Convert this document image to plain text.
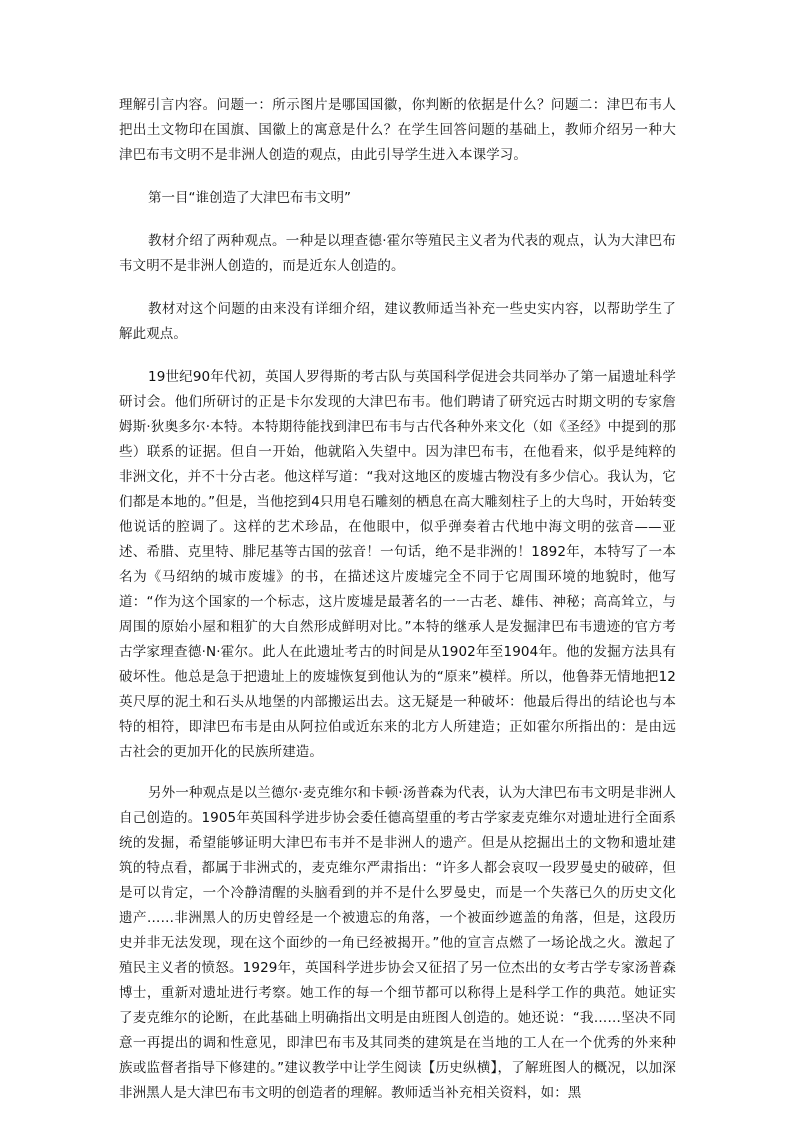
理解引言内容。问题一：所示图片是哪国国徽，你判断的依据是什么？问题二：津巴布韦人把出土文物印在国旗、国徽上的寓意是什么？在学生回答问题的基础上，教师介绍另一种大津巴布韦文明不是非洲人创造的观点，由此引导学生进入本课学习。

第一目“谁创造了大津巴布韦文明”

教材介绍了两种观点。一种是以理查德·霍尔等殖民主义者为代表的观点，认为大津巴布韦文明不是非洲人创造的，而是近东人创造的。

教材对这个问题的由来没有详细介绍，建议教师适当补充一些史实内容，以帮助学生了解此观点。

19世纪90年代初，英国人罗得斯的考古队与英国科学促进会共同举办了第一届遗址科学研讨会。他们所研讨的正是卡尔发现的大津巴布韦。他们聘请了研究远古时期文明的专家詹姆斯·狄奥多尔·本特。本特期待能找到津巴布韦与古代各种外来文化（如《圣经》中提到的那些）联系的证据。但自一开始，他就陷入失望中。因为津巴布韦，在他看来，似乎是纯粹的非洲文化，并不十分古老。他这样写道：“我对这地区的废墟古物没有多少信心。我认为，它们都是本地的。”但是，当他挖到4只用皂石雕刻的栖息在高大雕刻柱子上的大鸟时，开始转变他说话的腔调了。这样的艺术珍品，在他眼中，似乎弹奏着古代地中海文明的弦音——亚述、希腊、克里特、腓尼基等古国的弦音！一句话，绝不是非洲的！1892年，本特写了一本名为《马绍纳的城市废墟》的书，在描述这片废墟完全不同于它周围环境的地貌时，他写道：“作为这个国家的一个标志，这片废墟是最著名的一一古老、雄伟、神秘；高高耸立，与周围的原始小屋和粗犷的大自然形成鲜明对比。”本特的继承人是发掘津巴布韦遗迹的官方考古学家理查德·N·霍尔。此人在此遗址考古的时间是从1902年至1904年。他的发掘方法具有破坏性。他总是急于把遗址上的废墟恢复到他认为的“原来”模样。所以，他鲁莽无情地把12英尺厚的泥土和石头从地堡的内部搬运出去。这无疑是一种破坏：他最后得出的结论也与本特的相符，即津巴布韦是由从阿拉伯或近东来的北方人所建造；正如霍尔所指出的：是由远古社会的更加开化的民族所建造。

另外一种观点是以兰德尔·麦克维尔和卡顿·汤普森为代表，认为大津巴布韦文明是非洲人自己创造的。1905年英国科学进步协会委任德高望重的考古学家麦克维尔对遗址进行全面系统的发掘，希望能够证明大津巴布韦并不是非洲人的遗产。但是从挖掘出土的文物和遗址建筑的特点看，都属于非洲式的，麦克维尔严肃指出：“许多人都会哀叹一段罗曼史的破碎，但是可以肯定，一个冷静清醒的头脑看到的并不是什么罗曼史，而是一个失落已久的历史文化遗产……非洲黑人的历史曾经是一个被遗忘的角落，一个被面纱遮盖的角落，但是，这段历史并非无法发现，现在这个面纱的一角已经被揭开。”他的宣言点燃了一场论战之火。激起了殖民主义者的愤怒。1929年，英国科学进步协会又征招了另一位杰出的女考古学专家汤普森博士，重新对遗址进行考察。她工作的每一个细节都可以称得上是科学工作的典范。她证实了麦克维尔的论断，在此基础上明确指出文明是由班图人创造的。她还说：“我……坚决不同意一再提出的调和性意见，即津巴布韦及其同类的建筑是在当地的工人在一个优秀的外来种族或监督者指导下修建的。”建议教学中让学生阅读【历史纵横】，了解班图人的概况，以加深非洲黑人是大津巴布韦文明的创造者的理解。教师适当补充相关资料，如：黑
